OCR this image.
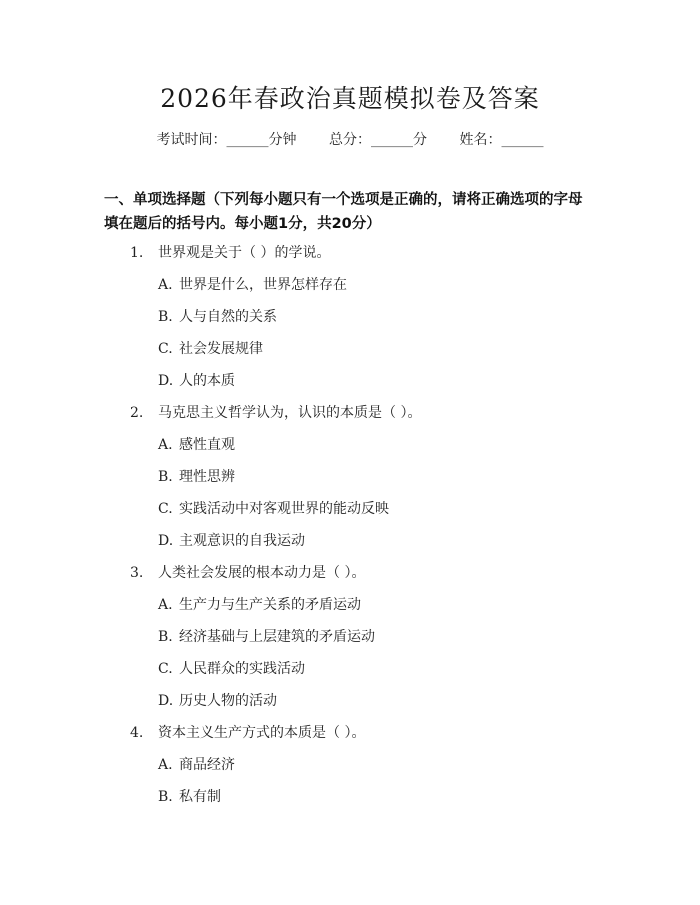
2026年春政治真题模拟卷及答案
考试时间：______分钟 总分：______分 姓名：______
一、单项选择题（下列每小题只有一个选项是正确的，请将正确选项的字母填在题后的括号内。每小题1分，共20分）
1. 世界观是关于（ ）的学说。
A. 世界是什么，世界怎样存在
B. 人与自然的关系
C. 社会发展规律
D. 人的本质
2. 马克思主义哲学认为，认识的本质是（ ）。
A. 感性直观
B. 理性思辨
C. 实践活动中对客观世界的能动反映
D. 主观意识的自我运动
3. 人类社会发展的根本动力是（ ）。
A. 生产力与生产关系的矛盾运动
B. 经济基础与上层建筑的矛盾运动
C. 人民群众的实践活动
D. 历史人物的活动
4. 资本主义生产方式的本质是（ ）。
A. 商品经济
B. 私有制
